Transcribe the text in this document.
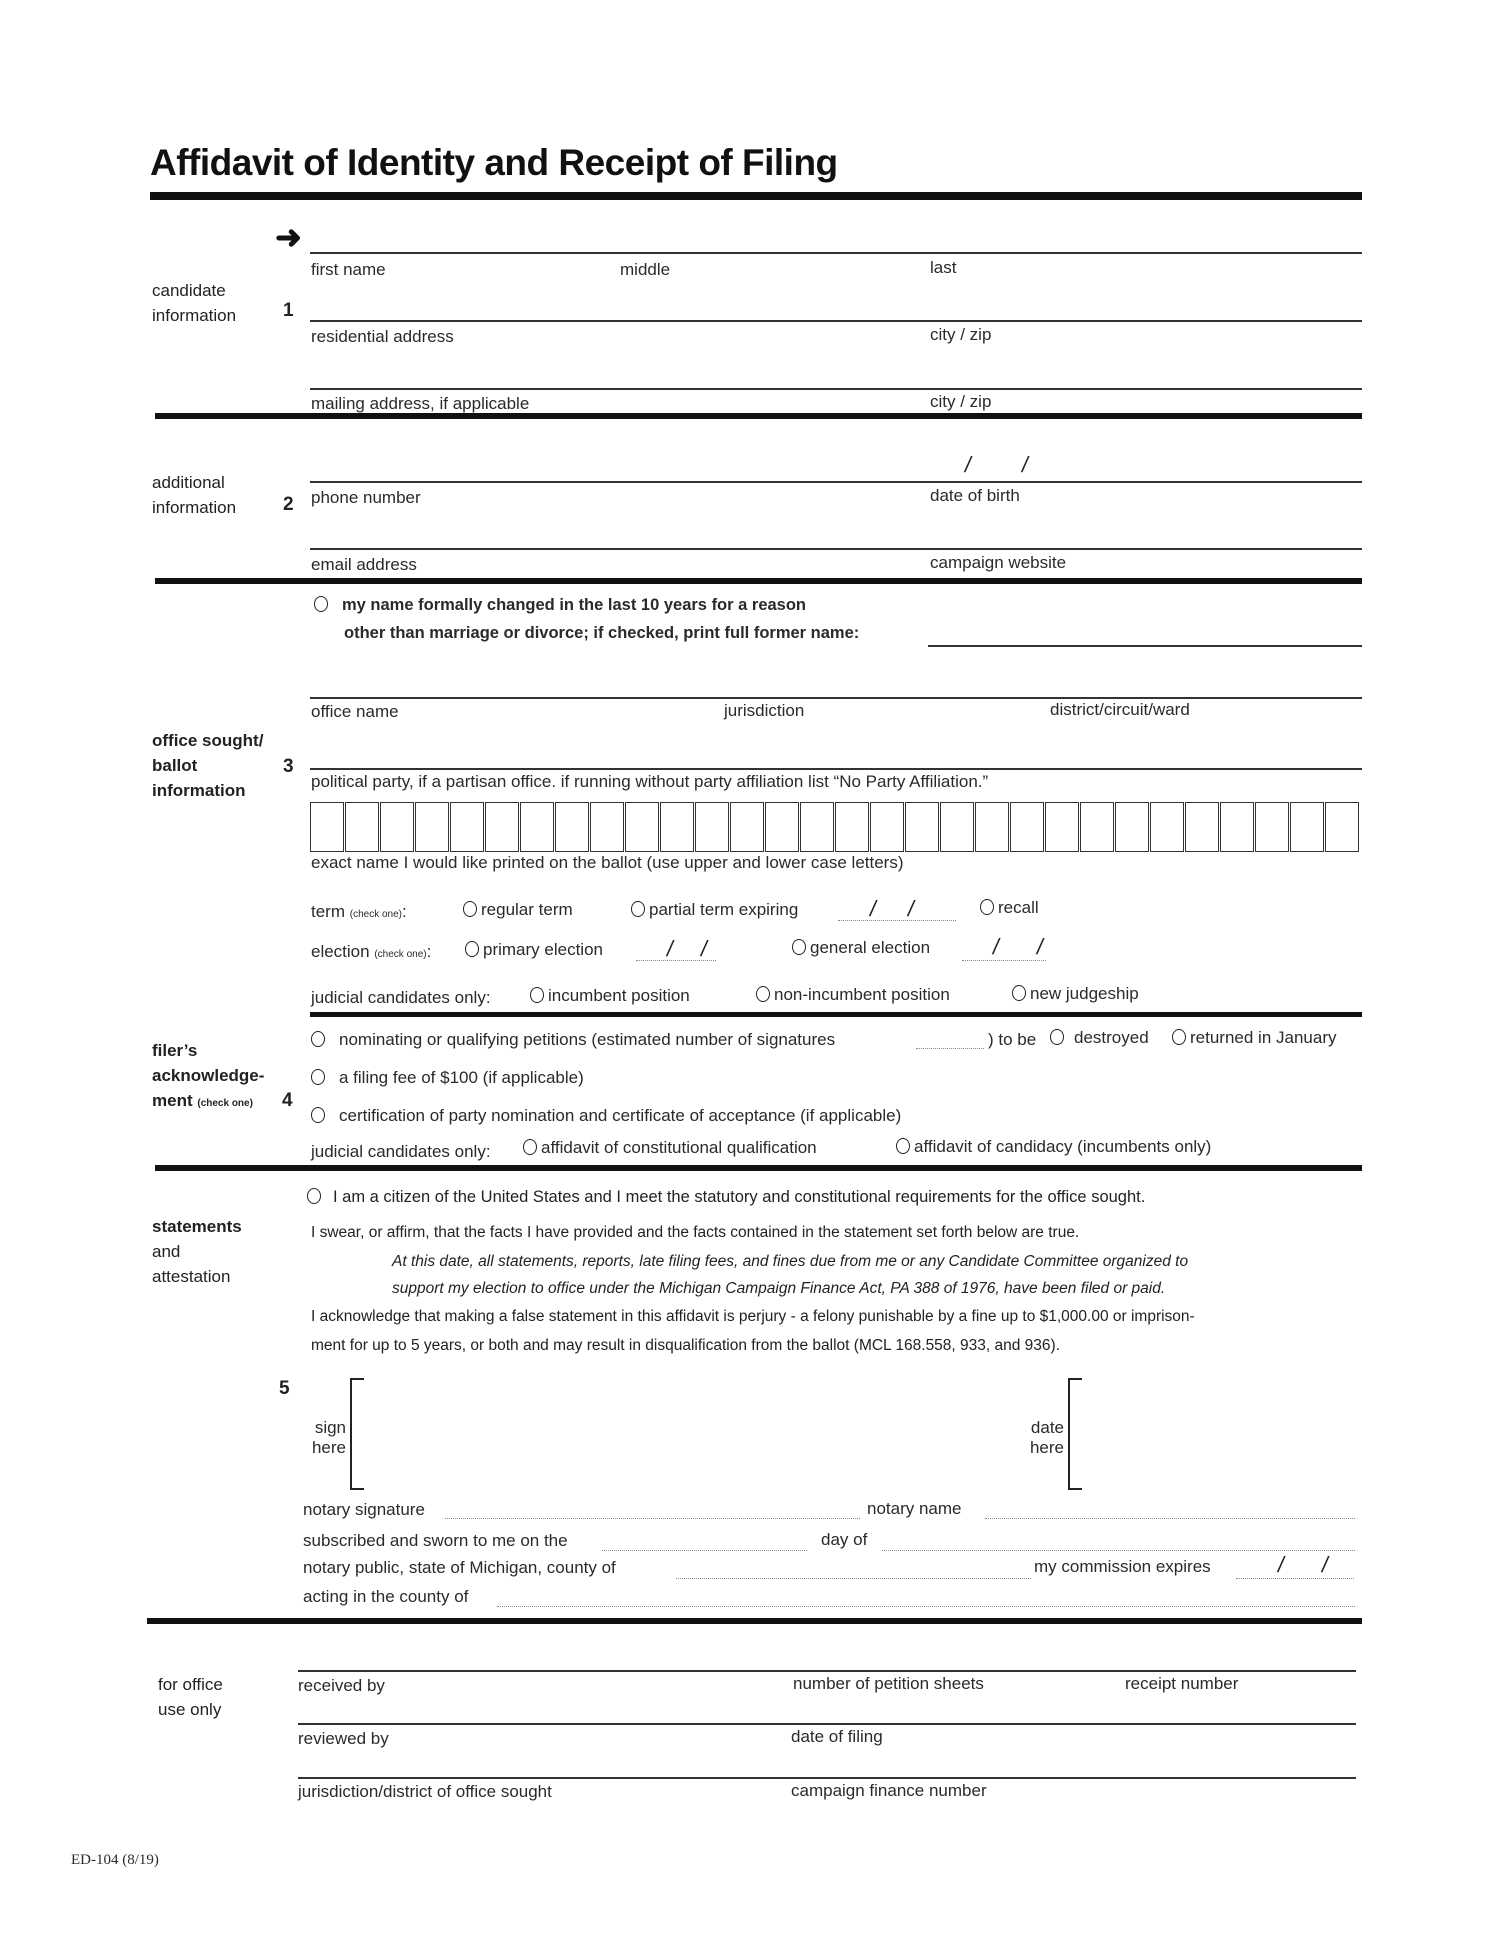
Affidavit of Identity and Receipt of Filing
➜
candidate
information 1
first name	middle	last
residential address	city / zip
mailing address, if applicable	city / zip
additional
information 2
/ /
phone number	date of birth
email address	campaign website
my name formally changed in the last 10 years for a reason
other than marriage or divorce; if checked, print full former name:
office sought/
ballot
information
3
office name	jurisdiction	district/circuit/ward
political party, if a partisan office. if running without party affiliation list “No Party Affiliation.”
exact name I would like printed on the ballot (use upper and lower case letters)
term (check one):	regular term	partial term expiring	/ /	recall
election (check one):	primary election	/ /	general election	/ /
judicial candidates only:	incumbent position	non-incumbent position	new judgeship
filer’s
acknowledge-
ment (check one)	4
nominating or qualifying petitions (estimated number of signatures	) to be	destroyed	returned in January
a filing fee of $100 (if applicable)
certification of party nomination and certificate of acceptance (if applicable)
judicial candidates only:	affidavit of constitutional qualification	affidavit of candidacy (incumbents only)
statements
and
attestation
5
I am a citizen of the United States and I meet the statutory and constitutional requirements for the office sought.
I swear, or affirm, that the facts I have provided and the facts contained in the statement set forth below are true.
At this date, all statements, reports, late filing fees, and fines due from me or any Candidate Committee organized to
support my election to office under the Michigan Campaign Finance Act, PA 388 of 1976, have been filed or paid.
I acknowledge that making a false statement in this affidavit is perjury - a felony punishable by a fine up to $1,000.00 or imprison-
ment for up to 5 years, or both and may result in disqualification from the ballot (MCL 168.558, 933, and 936).
sign
here
date
here
notary signature	notary name
subscribed and sworn to me on the	day of
notary public, state of Michigan, county of	my commission expires	/ /
acting in the county of
for office
use only
received by	number of petition sheets	receipt number
reviewed by	date of filing
jurisdiction/district of office sought	campaign finance number
ED-104 (8/19)
